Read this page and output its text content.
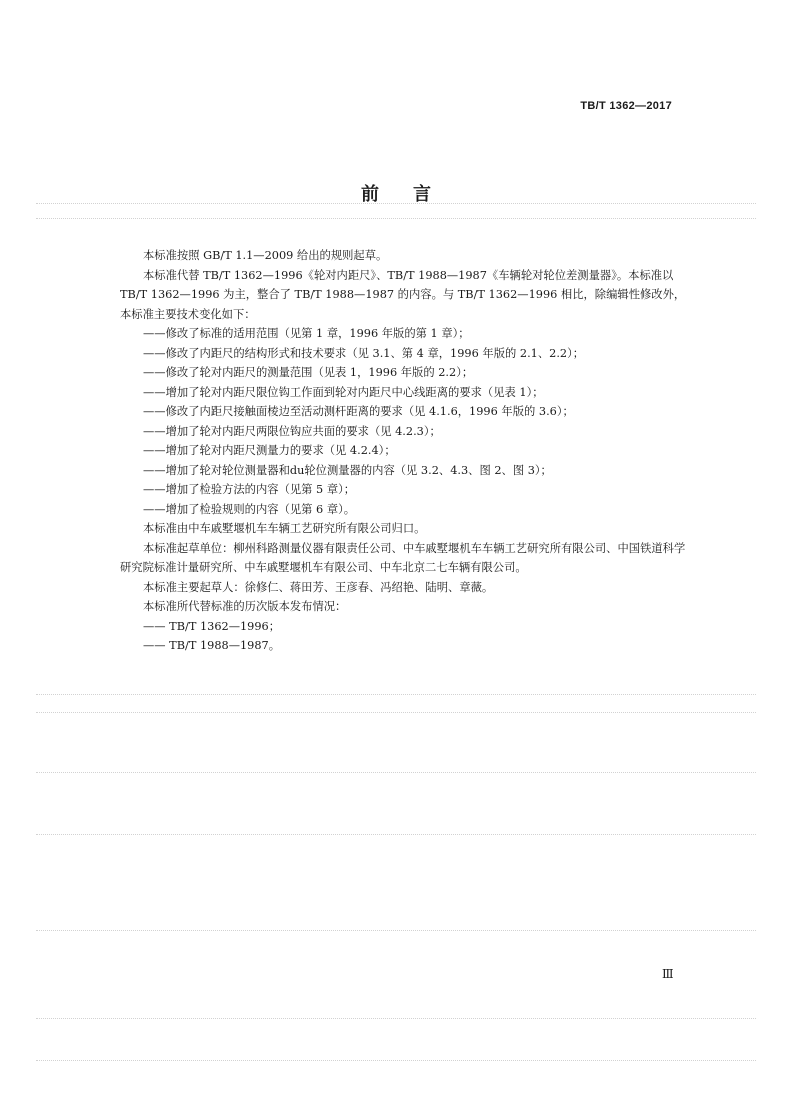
TB/T 1362—2017
前言

本标准按照 GB/T 1.1—2009 给出的规则起草。

本标准代替 TB/T 1362—1996《轮对内距尺》、TB/T 1988—1987《车辆轮对轮位差测量器》。本标准以 TB/T 1362—1996 为主，整合了 TB/T 1988—1987 的内容。与 TB/T 1362—1996 相比，除编辑性修改外，本标准主要技术变化如下：

——修改了标准的适用范围（见第 1 章，1996 年版的第 1 章）；

——修改了内距尺的结构形式和技术要求（见 3.1、第 4 章，1996 年版的 2.1、2.2）；

——修改了轮对内距尺的测量范围（见表 1，1996 年版的 2.2）；

——增加了轮对内距尺限位钩工作面到轮对内距尺中心线距离的要求（见表 1）；

——修改了内距尺接触面棱边至活动测杆距离的要求（见 4.1.6，1996 年版的 3.6）；

——增加了轮对内距尺两限位钩应共面的要求（见 4.2.3）；

——增加了轮对内距尺测量力的要求（见 4.2.4）；

——增加了轮对轮位测量器和du轮位测量器的内容（见 3.2、4.3、图 2、图 3）；

——增加了检验方法的内容（见第 5 章）；

——增加了检验规则的内容（见第 6 章）。

本标准由中车戚墅堰机车车辆工艺研究所有限公司归口。

本标准起草单位：柳州科路测量仪器有限责任公司、中车戚墅堰机车车辆工艺研究所有限公司、中国铁道科学研究院标准计量研究所、中车戚墅堰机车有限公司、中车北京二七车辆有限公司。

本标准主要起草人：徐修仁、蒋田芳、王彦春、冯绍艳、陆明、章薇。

本标准所代替标准的历次版本发布情况：

—— TB/T 1362—1996；

—— TB/T 1988—1987。

Ⅲ
